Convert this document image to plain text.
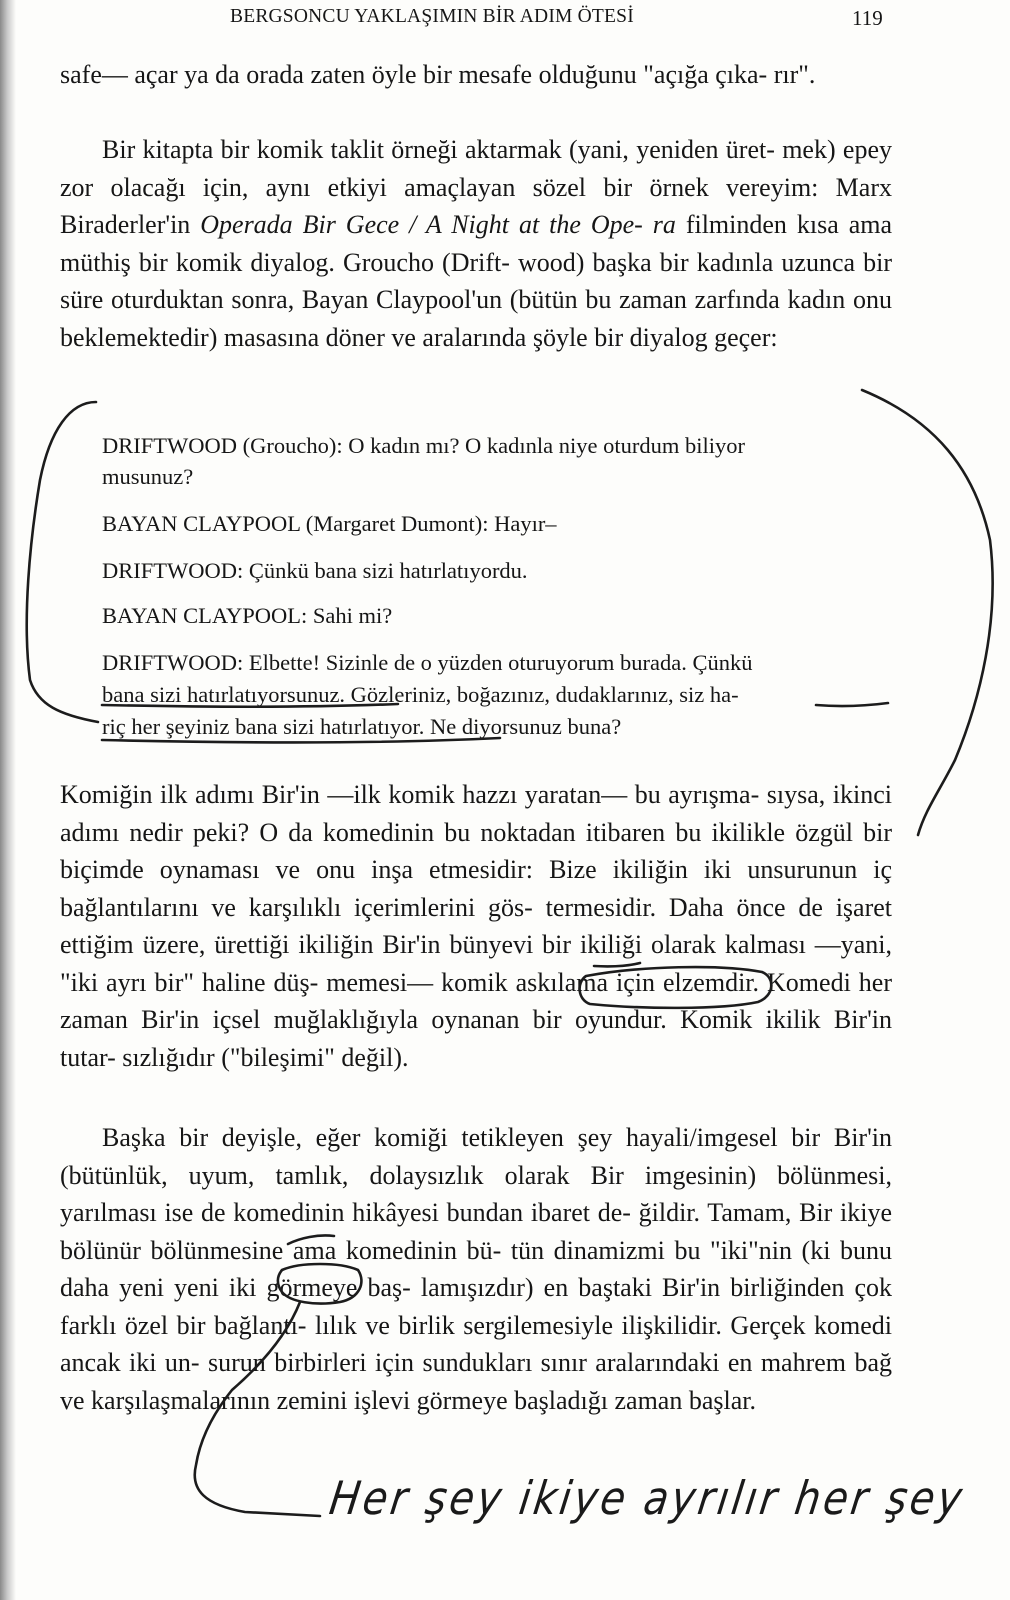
BERGSONCU YAKLAŞIMIN BİR ADIM ÖTESİ	119
safe— açar ya da orada zaten öyle bir mesafe olduğunu "açığa çıka- rır".
Bir kitapta bir komik taklit örneği aktarmak (yani, yeniden üret- mek) epey zor olacağı için, aynı etkiyi amaçlayan sözel bir örnek vereyim: Marx Biraderler'in Operada Bir Gece / A Night at the Ope- ra filminden kısa ama müthiş bir komik diyalog. Groucho (Drift- wood) başka bir kadınla uzunca bir süre oturduktan sonra, Bayan Claypool'un (bütün bu zaman zarfında kadın onu beklemektedir) masasına döner ve aralarında şöyle bir diyalog geçer:
DRIFTWOOD (Groucho): O kadın mı? O kadınla niye oturdum biliyor
musunuz?
BAYAN CLAYPOOL (Margaret Dumont): Hayır–
DRIFTWOOD: Çünkü bana sizi hatırlatıyordu.
BAYAN CLAYPOOL: Sahi mi?
DRIFTWOOD: Elbette! Sizinle de o yüzden oturuyorum burada. Çünkü
bana sizi hatırlatıyorsunuz. Gözleriniz, boğazınız, dudaklarınız, siz ha-
riç her şeyiniz bana sizi hatırlatıyor. Ne diyorsunuz buna?
Komiğin ilk adımı Bir'in —ilk komik hazzı yaratan— bu ayrışma- sıysa, ikinci adımı nedir peki? O da komedinin bu noktadan itibaren bu ikilikle özgül bir biçimde oynaması ve onu inşa etmesidir: Bize ikiliğin iki unsurunun iç bağlantılarını ve karşılıklı içerimlerini gös- termesidir. Daha önce de işaret ettiğim üzere, ürettiği ikiliğin Bir'in bünyevi bir ikiliği olarak kalması —yani, "iki ayrı bir" haline düş- memesi— komik askılama için elzemdir. Komedi her zaman Bir'in içsel muğlaklığıyla oynanan bir oyundur. Komik ikilik Bir'in tutar- sızlığıdır ("bileşimi" değil).
Başka bir deyişle, eğer komiği tetikleyen şey hayali/imgesel bir Bir'in (bütünlük, uyum, tamlık, dolaysızlık olarak Bir imgesinin) bölünmesi, yarılması ise de komedinin hikâyesi bundan ibaret de- ğildir. Tamam, Bir ikiye bölünür bölünmesine ama komedinin bü- tün dinamizmi bu "iki"nin (ki bunu daha yeni yeni iki görmeye baş- lamışızdır) en baştaki Bir'in birliğinden çok farklı özel bir bağlantı- lılık ve birlik sergilemesiyle ilişkilidir. Gerçek komedi ancak iki un- surun birbirleri için sundukları sınır aralarındaki en mahrem bağ ve karşılaşmalarının zemini işlevi görmeye başladığı zaman başlar.
Her şey ikiye ayrılır her şey
